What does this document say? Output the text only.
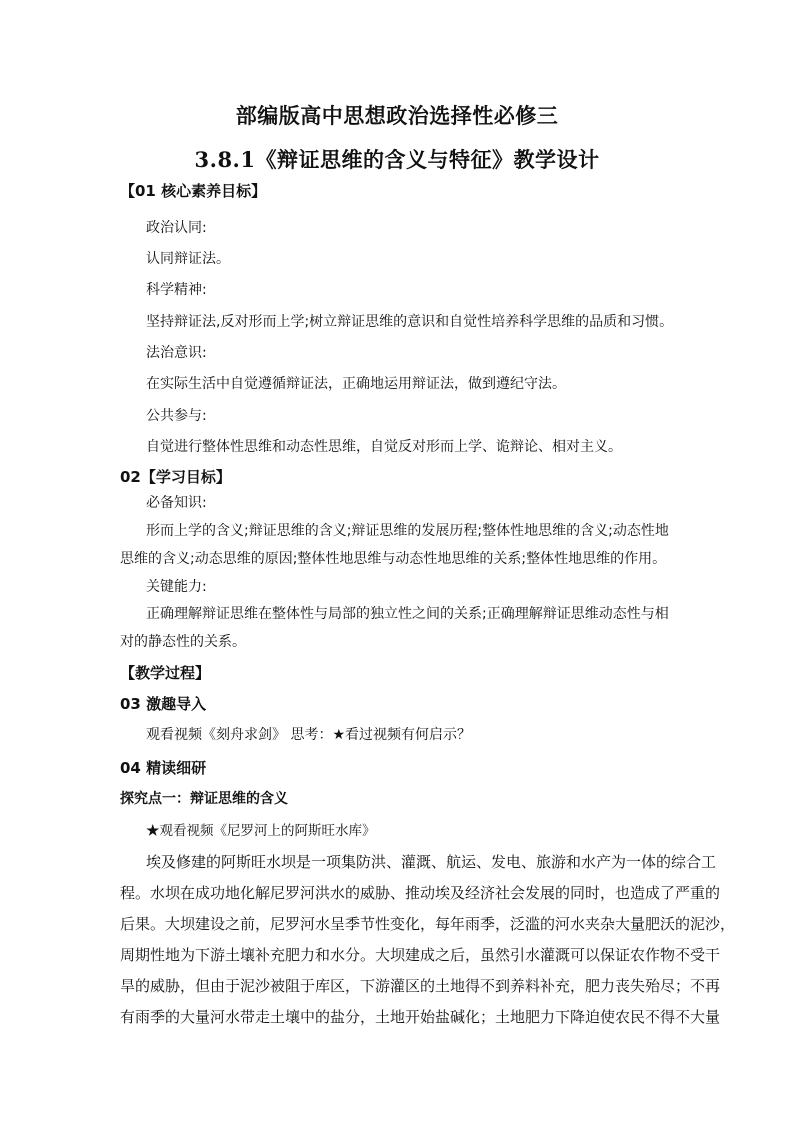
部编版高中思想政治选择性必修三
3.8.1《辩证思维的含义与特征》教学设计
【01 核心素养目标】
政治认同:
认同辩证法。
科学精神:
坚持辩证法,反对形而上学;树立辩证思维的意识和自觉性培养科学思维的品质和习惯。
法治意识:
在实际生活中自觉遵循辩证法，正确地运用辩证法，做到遵纪守法。
公共参与:
自觉进行整体性思维和动态性思维，自觉反对形而上学、诡辩论、相对主义。
02【学习目标】
必备知识:
形而上学的含义;辩证思维的含义;辩证思维的发展历程;整体性地思维的含义;动态性地
思维的含义;动态思维的原因;整体性地思维与动态性地思维的关系;整体性地思维的作用。
关键能力:
正确理解辩证思维在整体性与局部的独立性之间的关系;正确理解辩证思维动态性与相
对的静态性的关系。
【教学过程】
03 激趣导入
观看视频《刻舟求剑》 思考：★看过视频有何启示？
04 精读细研
探究点一：辩证思维的含义
★观看视频《尼罗河上的阿斯旺水库》
埃及修建的阿斯旺水坝是一项集防洪、灌溉、航运、发电、旅游和水产为一体的综合工
程。水坝在成功地化解尼罗河洪水的威胁、推动埃及经济社会发展的同时，也造成了严重的
后果。大坝建设之前，尼罗河水呈季节性变化，每年雨季，泛滥的河水夹杂大量肥沃的泥沙，
周期性地为下游土壤补充肥力和水分。大坝建成之后，虽然引水灌溉可以保证农作物不受干
旱的威胁，但由于泥沙被阻于库区，下游灌区的土地得不到养料补充，肥力丧失殆尽；不再
有雨季的大量河水带走土壤中的盐分，土地开始盐碱化；土地肥力下降迫使农民不得不大量
